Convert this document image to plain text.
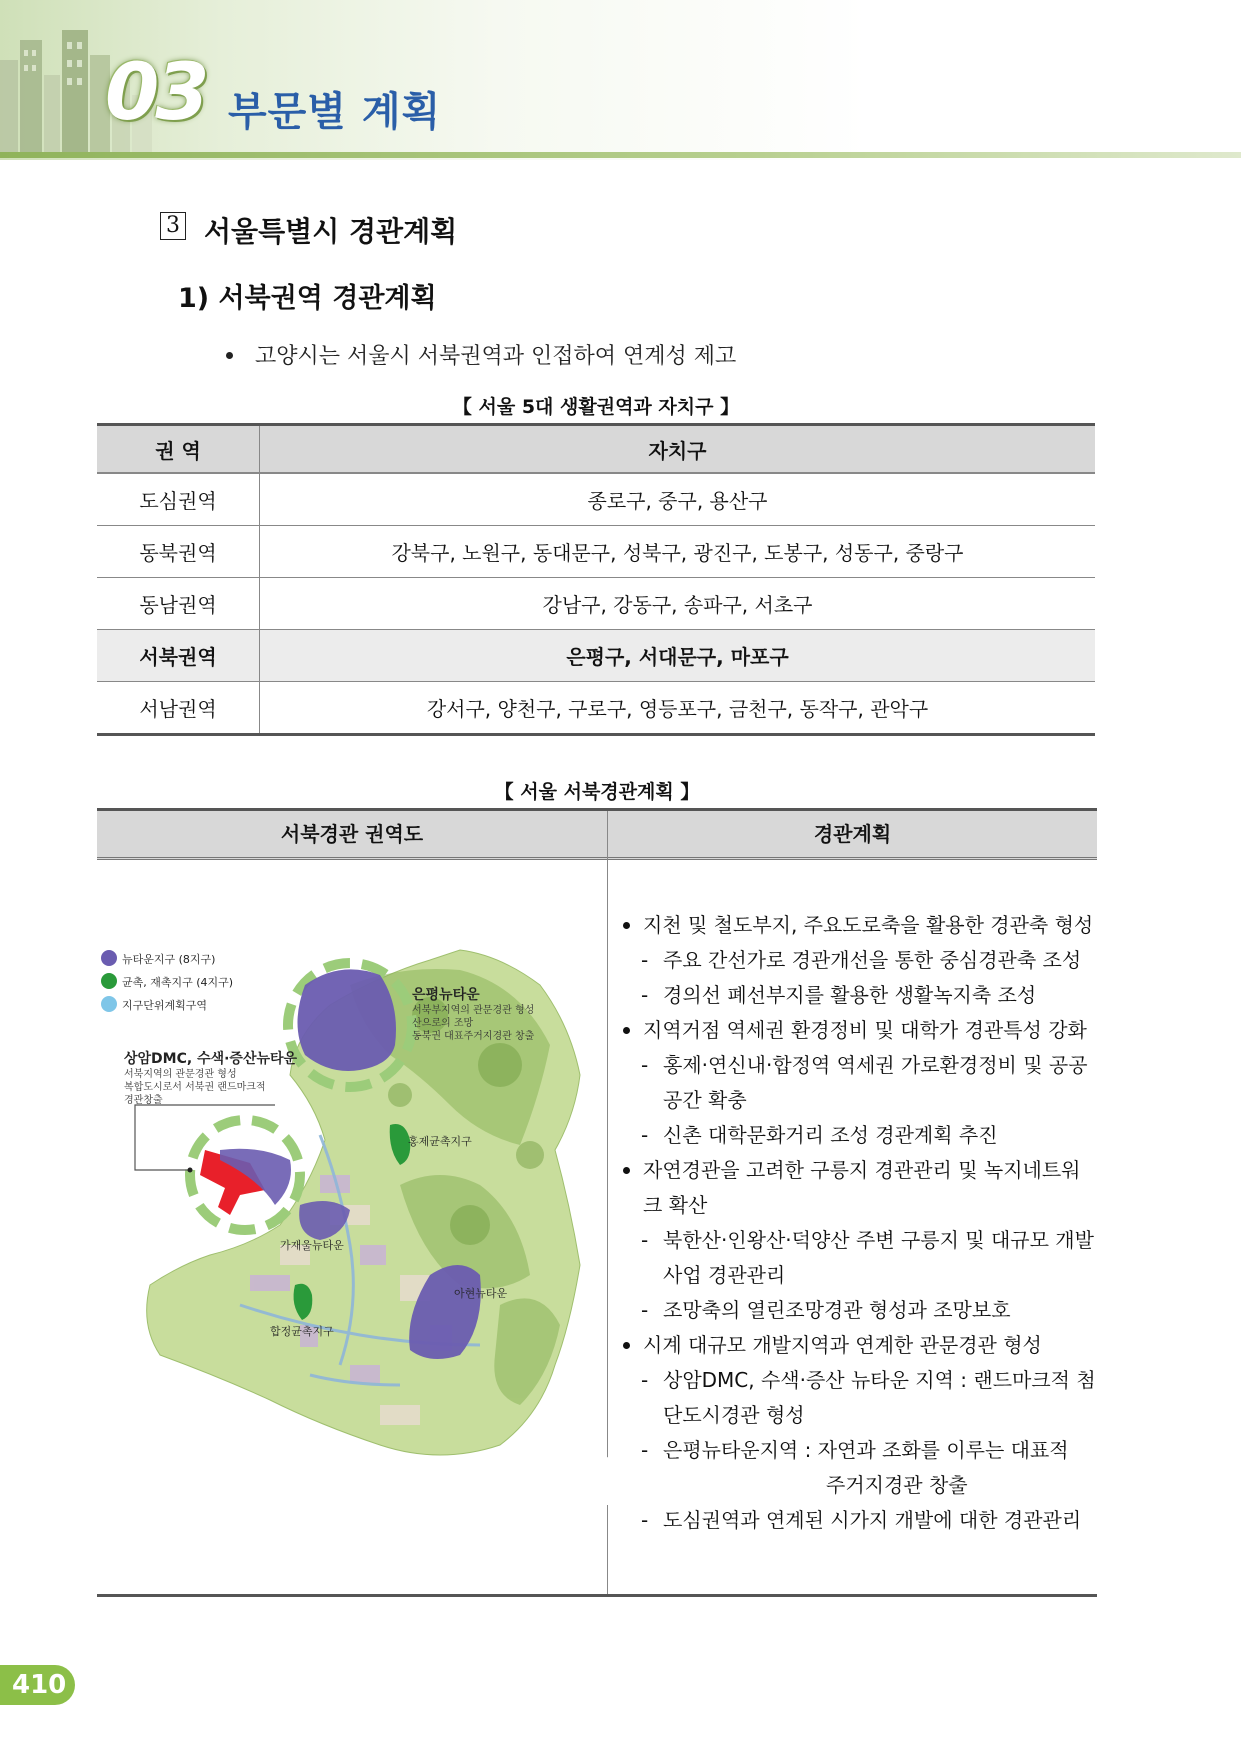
03 부문별 계획
3 서울특별시 경관계획
1) 서북권역 경관계획
고양시는 서울시 서북권역과 인접하여 연계성 제고
【 서울 5대 생활권역과 자치구 】
권 역	자치구
도심권역	종로구, 중구, 용산구
동북권역	강북구, 노원구, 동대문구, 성북구, 광진구, 도봉구, 성동구, 중랑구
동남권역	강남구, 강동구, 송파구, 서초구
서북권역	은평구, 서대문구, 마포구
서남권역	강서구, 양천구, 구로구, 영등포구, 금천구, 동작구, 관악구
【 서울 서북경관계획 】
서북경관 권역도	경관계획
지천 및 철도부지, 주요도로축을 활용한 경관축 형성
- 주요 간선가로 경관개선을 통한 중심경관축 조성
- 경의선 폐선부지를 활용한 생활녹지축 조성
지역거점 역세권 환경정비 및 대학가 경관특성 강화
- 홍제·연신내·합정역 역세권 가로환경정비 및 공공 공간 확충
- 신촌 대학문화거리 조성 경관계획 추진
자연경관을 고려한 구릉지 경관관리 및 녹지네트워크 확산
- 북한산·인왕산·덕양산 주변 구릉지 및 대규모 개발 사업 경관관리
- 조망축의 열린조망경관 형성과 조망보호
시계 대규모 개발지역과 연계한 관문경관 형성
- 상암DMC, 수색·증산 뉴타운 지역 : 랜드마크적 첨단도시경관 형성
- 은평뉴타운지역 : 자연과 조화를 이루는 대표적
주거지경관 창출
- 도심권역과 연계된 시가지 개발에 대한 경관관리
뉴타운지구 (8지구)
균촉, 재촉지구 (4지구)
지구단위계획구역
은평뉴타운
서북부지역의 관문경관 형성
산으로의 조망
동북권 대표주거지경관 창출
상암DMC, 수색·증산뉴타운
서북지역의 관문경관 형성
복합도시로서 서북권 랜드마크적
경관창출
홍제균촉지구
가재울뉴타운
아현뉴타운
합정균촉지구
410
